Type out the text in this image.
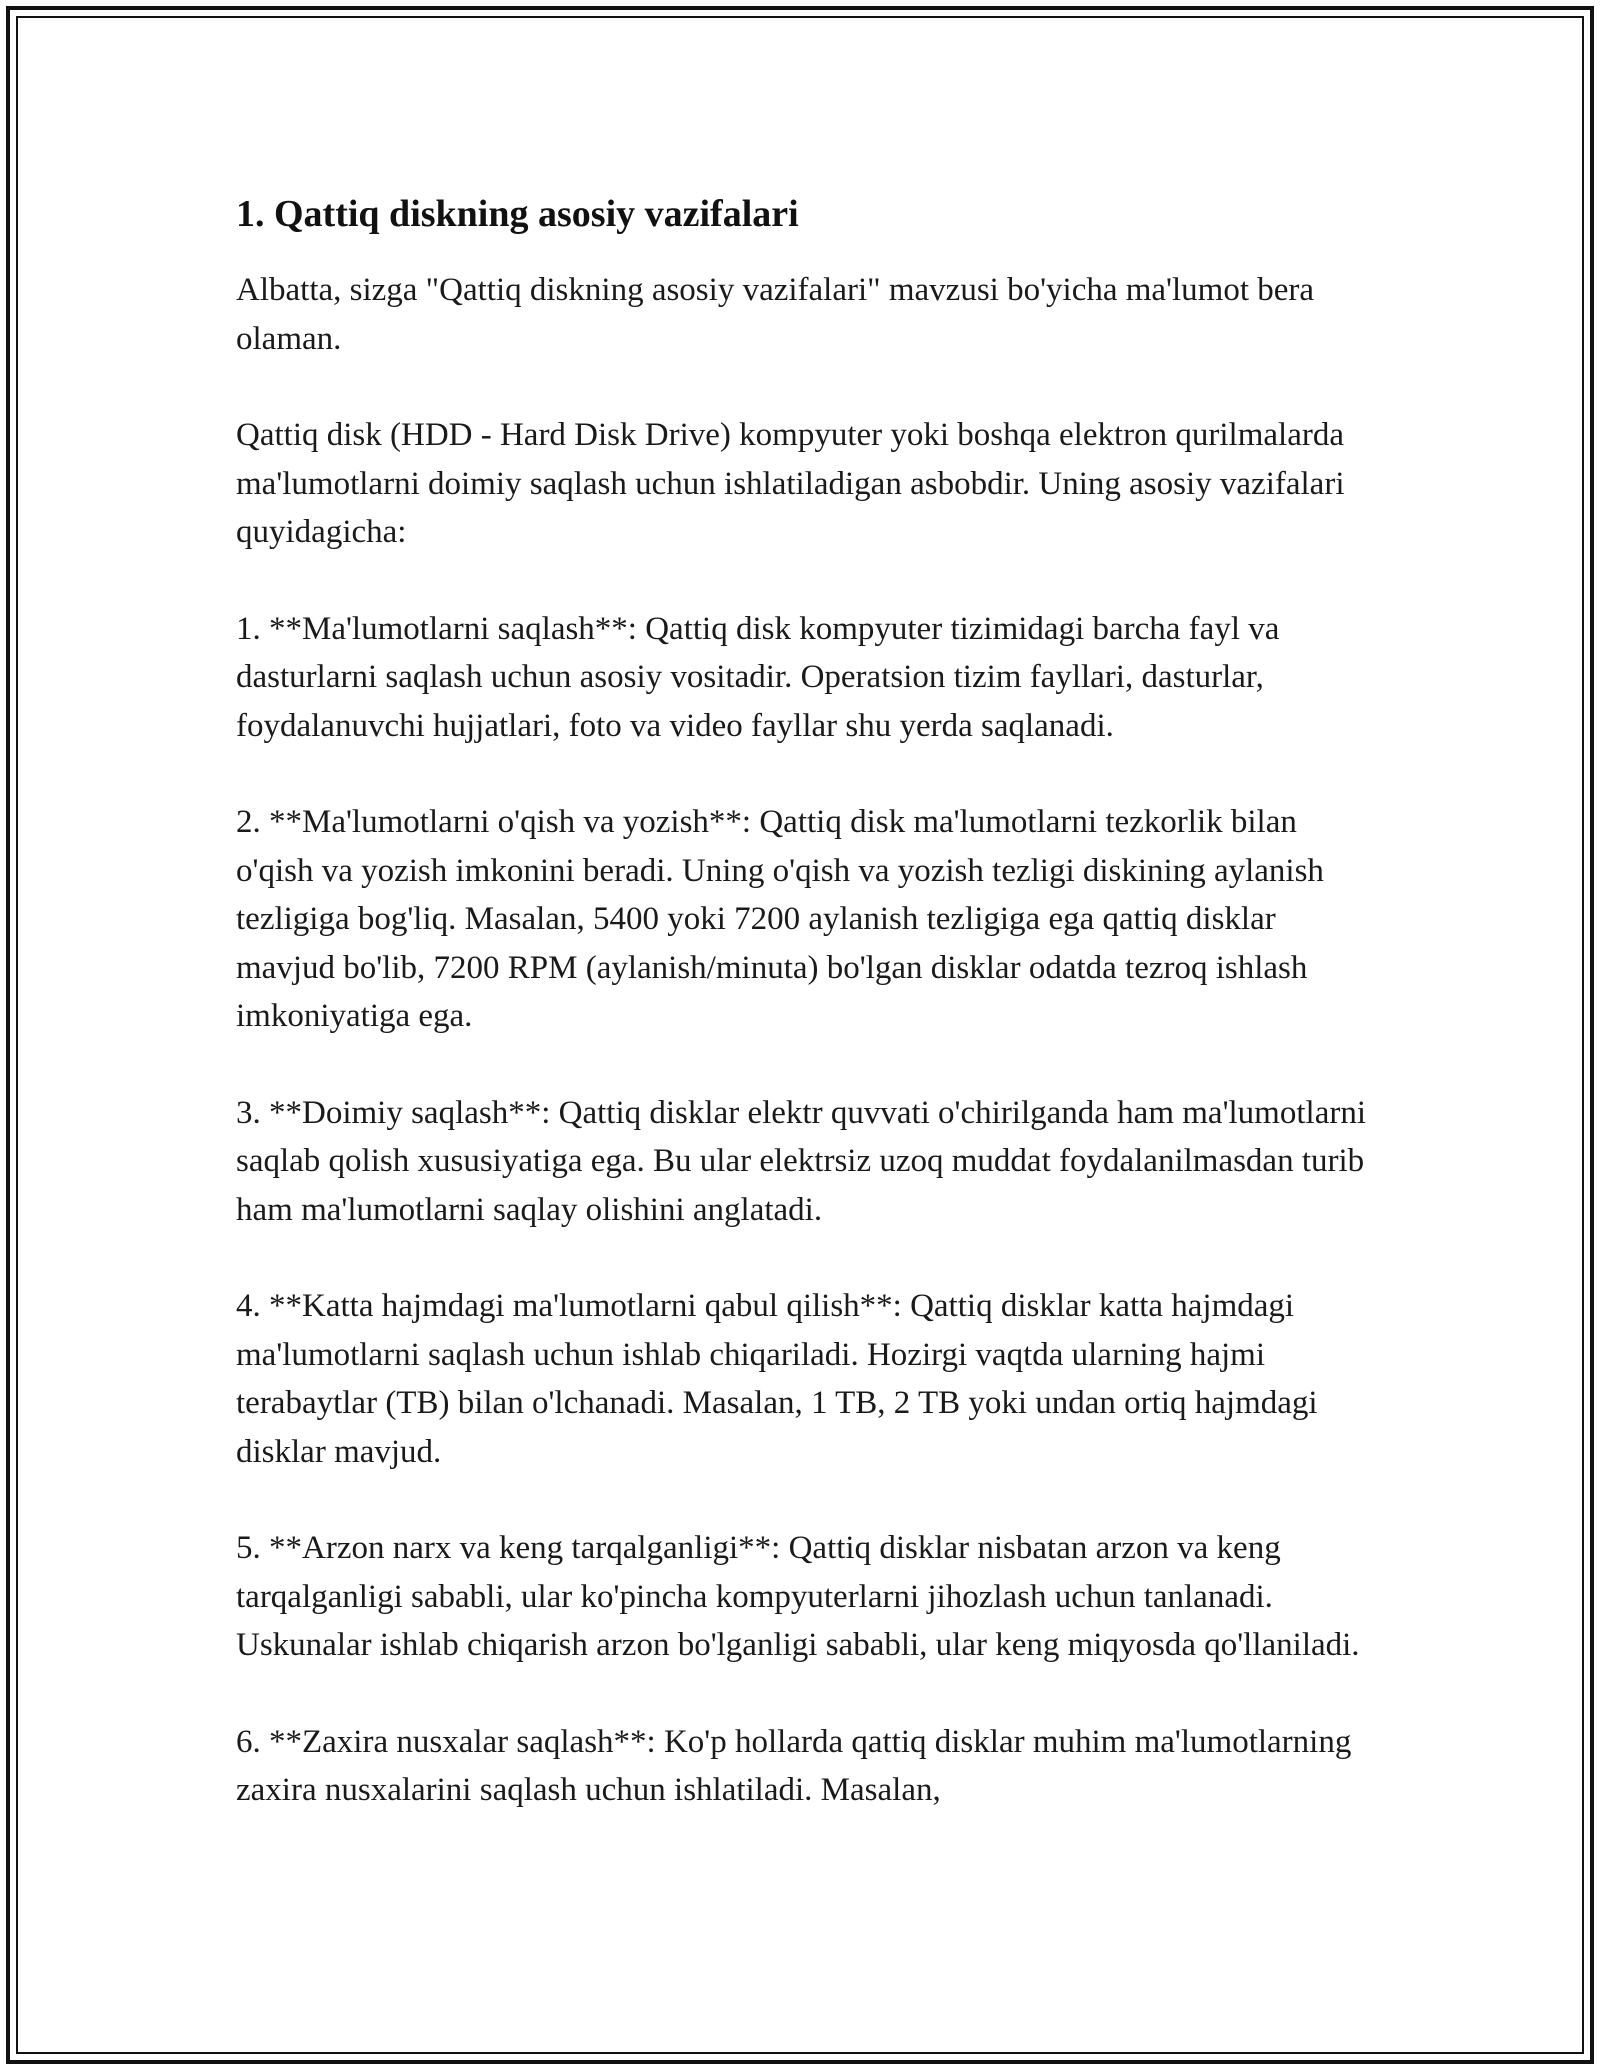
1. Qattiq diskning asosiy vazifalari

Albatta, sizga "Qattiq diskning asosiy vazifalari" mavzusi bo'yicha ma'lumot bera olaman.

Qattiq disk (HDD - Hard Disk Drive) kompyuter yoki boshqa elektron qurilmalarda ma'lumotlarni doimiy saqlash uchun ishlatiladigan asbobdir. Uning asosiy vazifalari quyidagicha:

1. **Ma'lumotlarni saqlash**: Qattiq disk kompyuter tizimidagi barcha fayl va dasturlarni saqlash uchun asosiy vositadir. Operatsion tizim fayllari, dasturlar, foydalanuvchi hujjatlari, foto va video fayllar shu yerda saqlanadi.

2. **Ma'lumotlarni o'qish va yozish**: Qattiq disk ma'lumotlarni tezkorlik bilan o'qish va yozish imkonini beradi. Uning o'qish va yozish tezligi diskining aylanish tezligiga bog'liq. Masalan, 5400 yoki 7200 aylanish tezligiga ega qattiq disklar mavjud bo'lib, 7200 RPM (aylanish/minuta) bo'lgan disklar odatda tezroq ishlash imkoniyatiga ega.

3. **Doimiy saqlash**: Qattiq disklar elektr quvvati o'chirilganda ham ma'lumotlarni saqlab qolish xususiyatiga ega. Bu ular elektrsiz uzoq muddat foydalanilmasdan turib ham ma'lumotlarni saqlay olishini anglatadi.

4. **Katta hajmdagi ma'lumotlarni qabul qilish**: Qattiq disklar katta hajmdagi ma'lumotlarni saqlash uchun ishlab chiqariladi. Hozirgi vaqtda ularning hajmi terabaytlar (TB) bilan o'lchanadi. Masalan, 1 TB, 2 TB yoki undan ortiq hajmdagi disklar mavjud.

5. **Arzon narx va keng tarqalganligi**: Qattiq disklar nisbatan arzon va keng tarqalganligi sababli, ular ko'pincha kompyuterlarni jihozlash uchun tanlanadi. Uskunalar ishlab chiqarish arzon bo'lganligi sababli, ular keng miqyosda qo'llaniladi.

6. **Zaxira nusxalar saqlash**: Ko'p hollarda qattiq disklar muhim ma'lumotlarning zaxira nusxalarini saqlash uchun ishlatiladi. Masalan,
